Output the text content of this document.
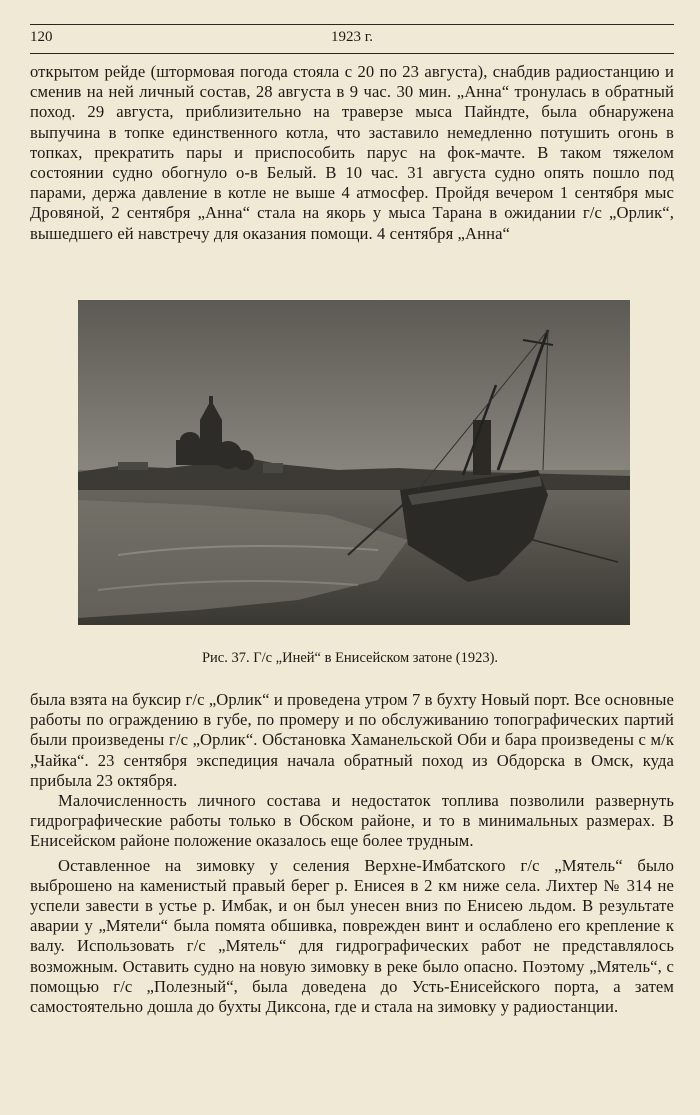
120	1923 г.

открытом рейде (штормовая погода стояла с 20 по 23 августа), снабдив радиостанцию и сменив на ней личный состав, 28 августа в 9 час. 30 мин. „Анна“ тронулась в обратный поход. 29 августа, приблизительно на траверзе мыса Пайндте, была обнаружена выпучина в топке единственного котла, что заставило немедленно потушить огонь в топках, прекратить пары и приспособить парус на фок-мачте. В таком тяжелом состоянии судно обогнуло о-в Белый. В 10 час. 31 августа судно опять пошло под парами, держа давление в котле не выше 4 атмосфер. Пройдя вечером 1 сентября мыс Дровяной, 2 сентября „Анна“ стала на якорь у мыса Тарана в ожидании г/с „Орлик“, вышедшего ей навстречу для оказания помощи. 4 сентября „Анна“

Рис. 37. Г/с „Иней“ в Енисейском затоне (1923).

была взята на буксир г/с „Орлик“ и проведена утром 7 в бухту Новый порт. Все основные работы по ограждению в губе, по промеру и по обслуживанию топографических партий были произведены г/с „Орлик“. Обстановка Хаманельской Оби и бара произведены с м/к „Чайка“. 23 сентября экспедиция начала обратный поход из Обдорска в Омск, куда прибыла 23 октября.

Малочисленность личного состава и недостаток топлива позволили развернуть гидрографические работы только в Обском районе, и то в минимальных размерах. В Енисейском районе положение оказалось еще более трудным.

Оставленное на зимовку у селения Верхне-Имбатского г/с „Мятель“ было выброшено на каменистый правый берег р. Енисея в 2 км ниже села. Лихтер № 314 не успели завести в устье р. Имбак, и он был унесен вниз по Енисею льдом. В результате аварии у „Мятели“ была помята обшивка, поврежден винт и ослаблено его крепление к валу. Использовать г/с „Мятель“ для гидрографических работ не представлялось возможным. Оставить судно на новую зимовку в реке было опасно. Поэтому „Мятель“, с помощью г/с „Полезный“, была доведена до Усть-Енисейского порта, а затем самостоятельно дошла до бухты Диксона, где и стала на зимовку у радиостанции.
